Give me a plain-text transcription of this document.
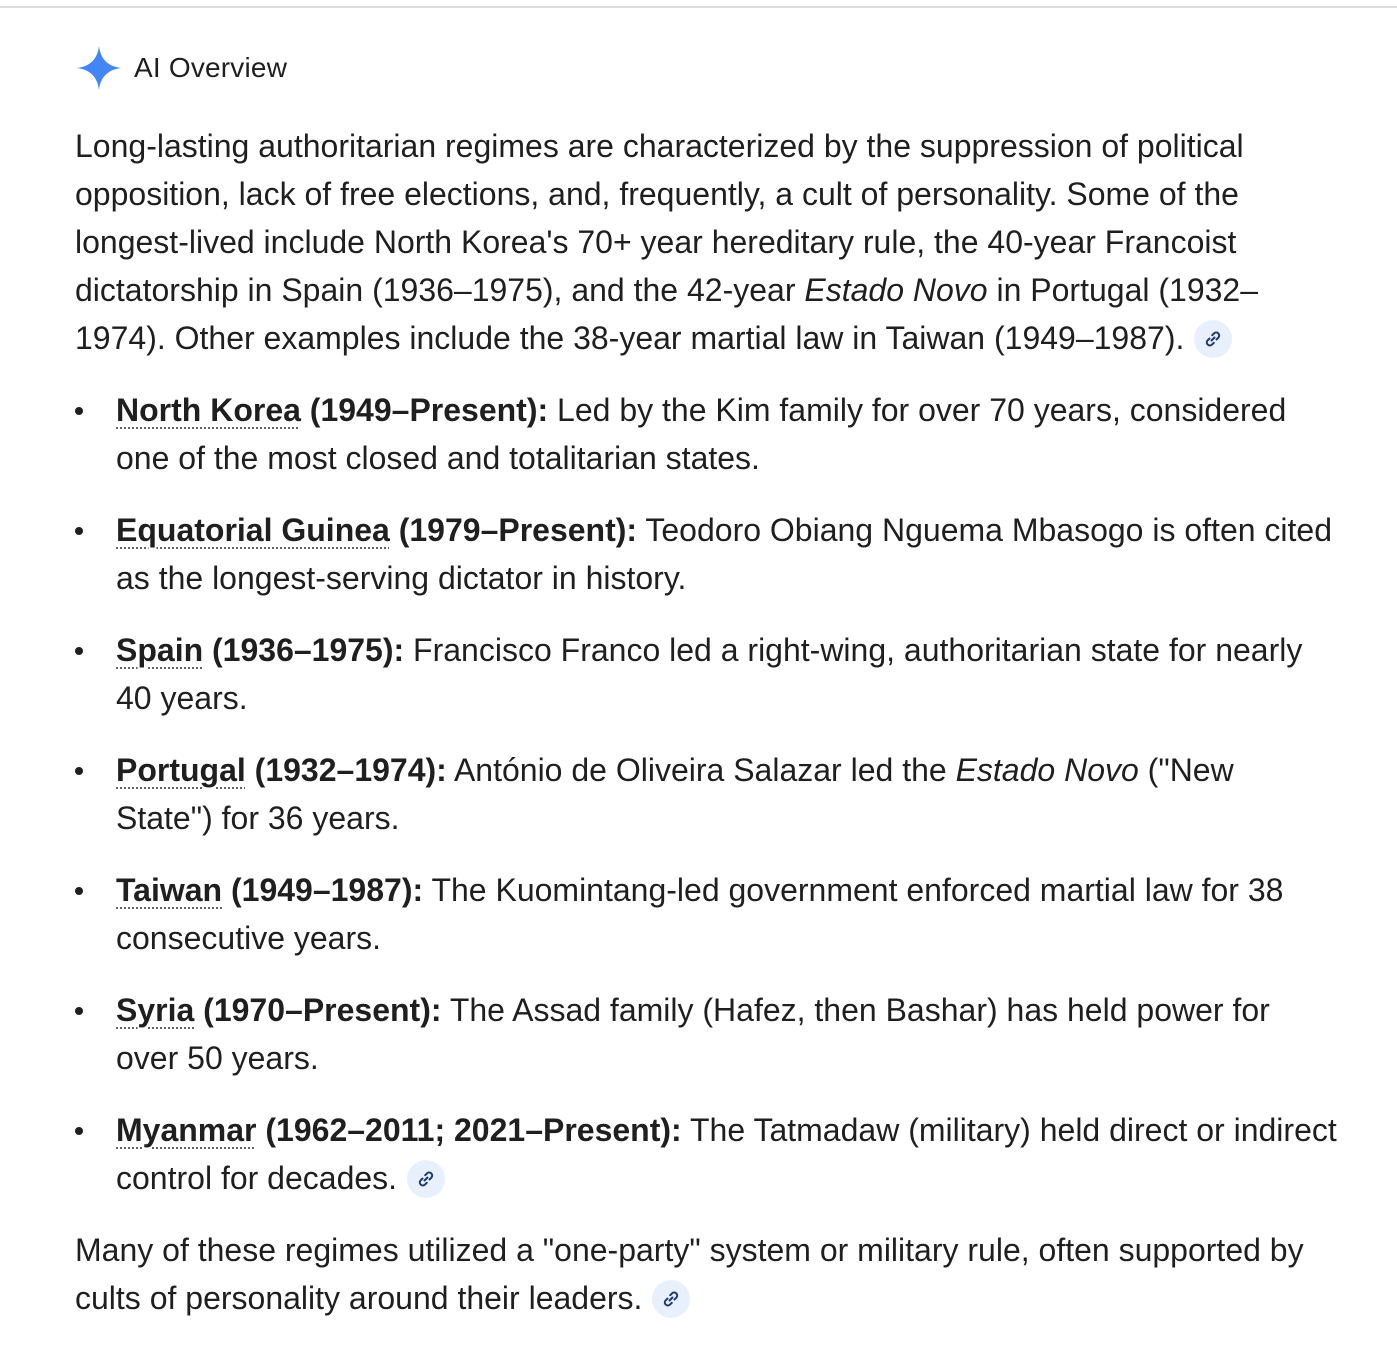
AI Overview

Long-lasting authoritarian regimes are characterized by the suppression of political opposition, lack of free elections, and, frequently, a cult of personality. Some of the longest-lived include North Korea's 70+ year hereditary rule, the 40-year Francoist dictatorship in Spain (1936–1975), and the 42-year Estado Novo in Portugal (1932–1974). Other examples include the 38-year martial law in Taiwan (1949–1987).

North Korea (1949–Present): Led by the Kim family for over 70 years, considered one of the most closed and totalitarian states.
Equatorial Guinea (1979–Present): Teodoro Obiang Nguema Mbasogo is often cited as the longest-serving dictator in history.
Spain (1936–1975): Francisco Franco led a right-wing, authoritarian state for nearly 40 years.
Portugal (1932–1974): António de Oliveira Salazar led the Estado Novo ("New State") for 36 years.
Taiwan (1949–1987): The Kuomintang-led government enforced martial law for 38 consecutive years.
Syria (1970–Present): The Assad family (Hafez, then Bashar) has held power for over 50 years.
Myanmar (1962–2011; 2021–Present): The Tatmadaw (military) held direct or indirect control for decades.

Many of these regimes utilized a "one-party" system or military rule, often supported by cults of personality around their leaders.
